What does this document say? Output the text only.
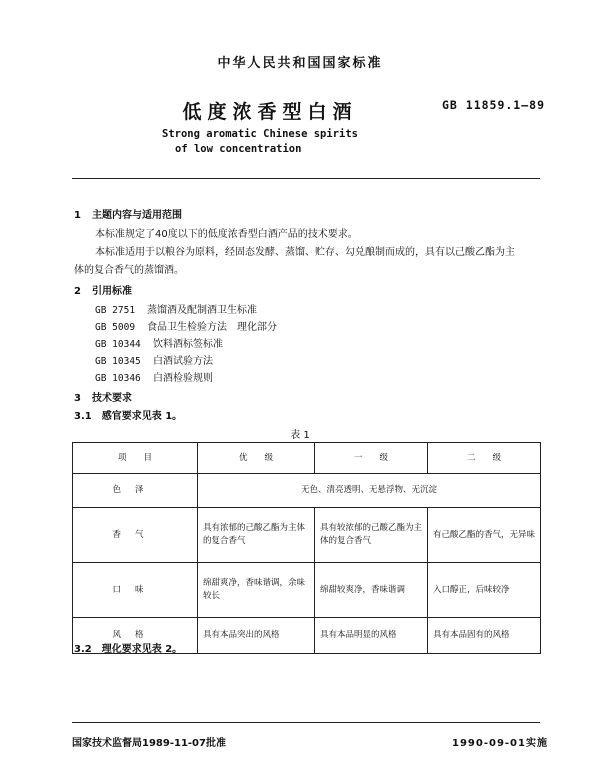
中华人民共和国国家标准
低度浓香型白酒	GB 11859.1—89
Strong aromatic Chinese spirits
of low concentration
1 主题内容与适用范围
本标准规定了40度以下的低度浓香型白酒产品的技术要求。
本标准适用于以粮谷为原料，经固态发酵、蒸馏、贮存、勾兑酿制而成的，具有以己酸乙酯为主
体的复合香气的蒸馏酒。
2 引用标准
GB 2751 蒸馏酒及配制酒卫生标准
GB 5009 食品卫生检验方法　理化部分
GB 10344 饮料酒标签标准
GB 10345 白酒试验方法
GB 10346 白酒检验规则
3 技术要求
3.1　感官要求见表 1。
表 1
项　　目	优　　级	一　　级	二　　级
色泽	无色、清亮透明、无悬浮物、无沉淀		
香气	具有浓郁的己酸乙酯为主体的复合香气	具有较浓郁的己酸乙酯为主体的复合香气	有己酸乙酯的香气，无异味
口味	绵甜爽净，香味谐调，余味较长	绵甜较爽净，香味谐调	入口醇正，后味较净
风格	具有本品突出的风格	具有本品明显的风格	具有本品固有的风格
3.2　理化要求见表 2。
国家技术监督局1989-11-07批准	1990-09-01实施
